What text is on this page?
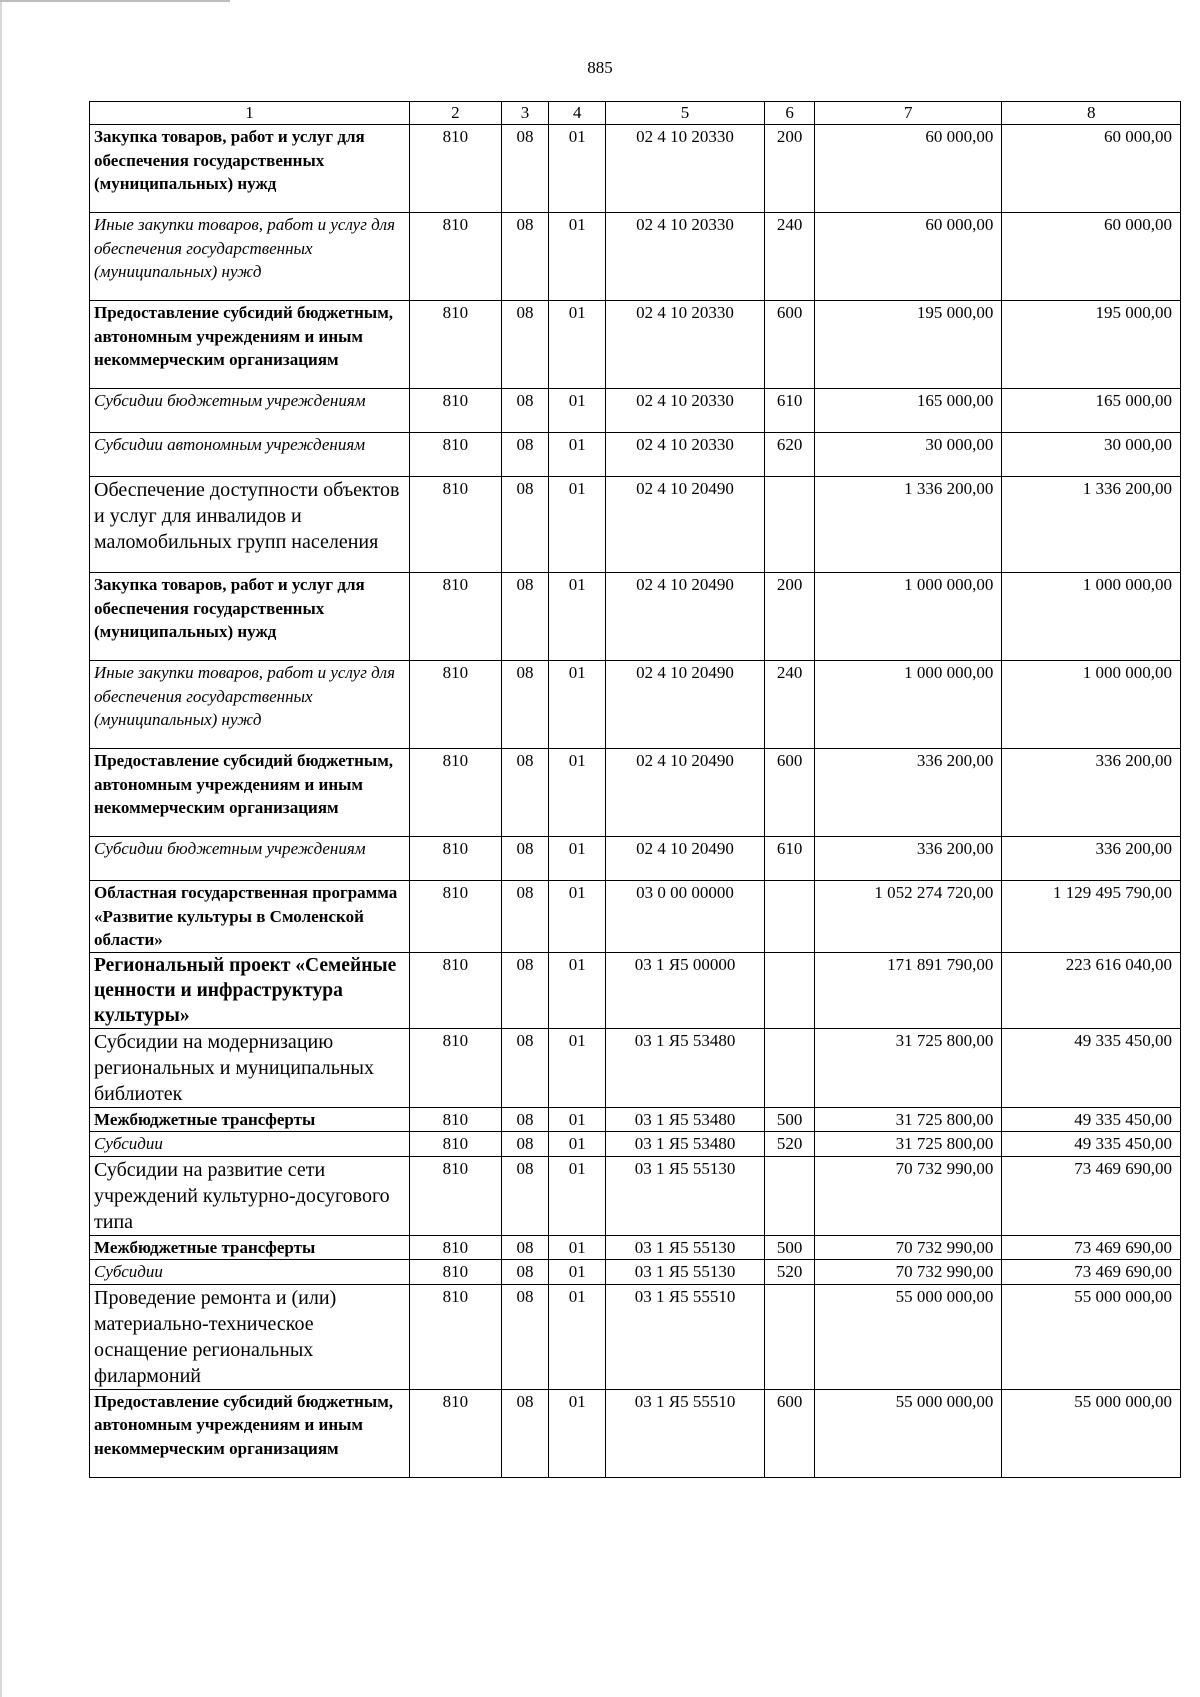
885
1	2	3	4	5	6	7	8
Закупка товаров, работ и услуг для обеспечения государственных (муниципальных) нужд	810	08	01	02 4 10 20330	200	60 000,00	60 000,00
Иные закупки товаров, работ и услуг для обеспечения государственных (муниципальных) нужд	810	08	01	02 4 10 20330	240	60 000,00	60 000,00
Предоставление субсидий бюджетным, автономным учреждениям и иным некоммерческим организациям	810	08	01	02 4 10 20330	600	195 000,00	195 000,00
Субсидии бюджетным учреждениям	810	08	01	02 4 10 20330	610	165 000,00	165 000,00
Субсидии автономным учреждениям	810	08	01	02 4 10 20330	620	30 000,00	30 000,00
Обеспечение доступности объектов и услуг для инвалидов и маломобильных групп населения	810	08	01	02 4 10 20490		1 336 200,00	1 336 200,00
Закупка товаров, работ и услуг для обеспечения государственных (муниципальных) нужд	810	08	01	02 4 10 20490	200	1 000 000,00	1 000 000,00
Иные закупки товаров, работ и услуг для обеспечения государственных (муниципальных) нужд	810	08	01	02 4 10 20490	240	1 000 000,00	1 000 000,00
Предоставление субсидий бюджетным, автономным учреждениям и иным некоммерческим организациям	810	08	01	02 4 10 20490	600	336 200,00	336 200,00
Субсидии бюджетным учреждениям	810	08	01	02 4 10 20490	610	336 200,00	336 200,00
Областная государственная программа «Развитие культуры в Смоленской области»	810	08	01	03 0 00 00000		1 052 274 720,00	1 129 495 790,00
Региональный проект «Семейные ценности и инфраструктура культуры»	810	08	01	03 1 Я5 00000		171 891 790,00	223 616 040,00
Субсидии на модернизацию региональных и муниципальных библиотек	810	08	01	03 1 Я5 53480		31 725 800,00	49 335 450,00
Межбюджетные трансферты	810	08	01	03 1 Я5 53480	500	31 725 800,00	49 335 450,00
Субсидии	810	08	01	03 1 Я5 53480	520	31 725 800,00	49 335 450,00
Субсидии на развитие сети учреждений культурно-досугового типа	810	08	01	03 1 Я5 55130		70 732 990,00	73 469 690,00
Межбюджетные трансферты	810	08	01	03 1 Я5 55130	500	70 732 990,00	73 469 690,00
Субсидии	810	08	01	03 1 Я5 55130	520	70 732 990,00	73 469 690,00
Проведение ремонта и (или) материально-техническое оснащение региональных филармоний	810	08	01	03 1 Я5 55510		55 000 000,00	55 000 000,00
Предоставление субсидий бюджетным, автономным учреждениям и иным некоммерческим организациям	810	08	01	03 1 Я5 55510	600	55 000 000,00	55 000 000,00
